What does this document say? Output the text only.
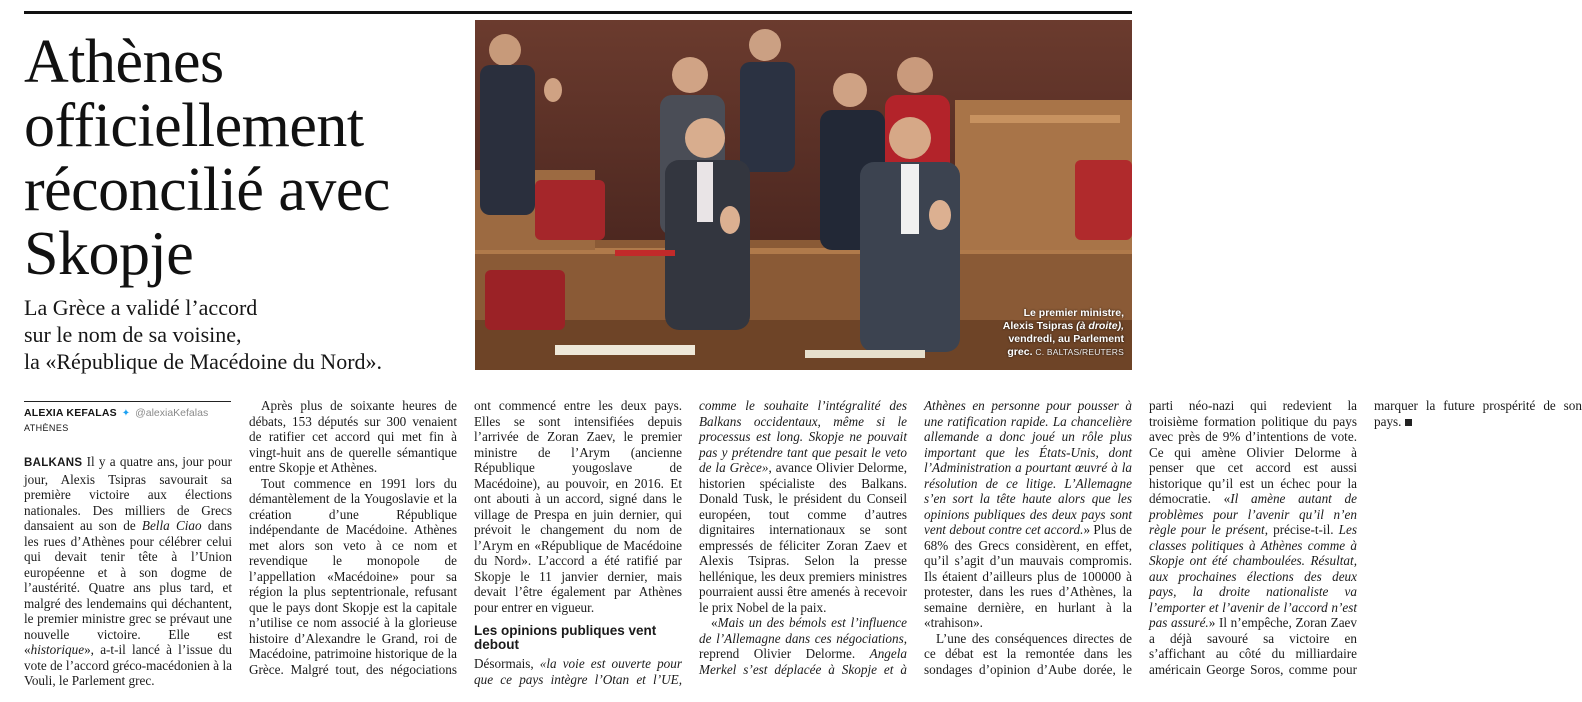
Athènes officiellement réconcilié avec Skopje
La Grèce a validé l’accord
sur le nom de sa voisine,
la «République de Macédoine du Nord».
Le premier ministre,
Alexis Tsipras (à droite),
vendredi, au Parlement
grec. C. BALTAS/REUTERS
ALEXIA KEFALAS ✦ @alexiaKefalas
ATHÈNES

BALKANS Il y a quatre ans, jour pour jour, Alexis Tsipras savourait sa première victoire aux élections nationales. Des milliers de Grecs dansaient au son de Bella Ciao dans les rues d’Athènes pour célébrer celui qui devait tenir tête à l’Union européenne et à son dogme de l’austérité. Quatre ans plus tard, et malgré des lendemains qui déchantent, le premier ministre grec se prévaut une nouvelle victoire. Elle est «historique», a-t-il lancé à l’issue du vote de l’accord gréco-macédonien à la Vouli, le Parlement grec.

Après plus de soixante heures de débats, 153 députés sur 300 venaient de ratifier cet accord qui met fin à vingt-huit ans de querelle sémantique entre Skopje et Athènes.

Tout commence en 1991 lors du démantèlement de la Yougoslavie et la création d’une République indépendante de Macédoine. Athènes met alors son veto à ce nom et revendique le monopole de l’appellation «Macédoine» pour sa région la plus septentrionale, refusant que le pays dont Skopje est la capitale n’utilise ce nom associé à la glorieuse histoire d’Alexandre le Grand, roi de Macédoine, patrimoine historique de la Grèce. Malgré tout, des négociations ont commencé entre les deux pays. Elles se sont intensifiées depuis l’arrivée de Zoran Zaev, le premier ministre de l’Arym (ancienne République yougoslave de Macédoine), au pouvoir, en 2016. Et ont abouti à un accord, signé dans le village de Prespa en juin dernier, qui prévoit le changement du nom de l’Arym en «République de Macédoine du Nord». L’accord a été ratifié par Skopje le 11 janvier dernier, mais devait l’être également par Athènes pour entrer en vigueur.

Les opinions publiques vent debout

Désormais, «la voie est ouverte pour que ce pays intègre l’Otan et l’UE, comme le souhaite l’intégralité des Balkans occidentaux, même si le processus est long. Skopje ne pouvait pas y prétendre tant que pesait le veto de la Grèce», avance Olivier Delorme, historien spécialiste des Balkans. Donald Tusk, le président du Conseil européen, tout comme d’autres dignitaires internationaux se sont empressés de féliciter Zoran Zaev et Alexis Tsipras. Selon la presse hellénique, les deux premiers ministres pourraient aussi être amenés à recevoir le prix Nobel de la paix.

«Mais un des bémols est l’influence de l’Allemagne dans ces négociations, reprend Olivier Delorme. Angela Merkel s’est déplacée à Skopje et à Athènes en personne pour pousser à une ratification rapide. La chancelière allemande a donc joué un rôle plus important que les États-Unis, dont l’Administration a pourtant œuvré à la résolution de ce litige. L’Allemagne s’en sort la tête haute alors que les opinions publiques des deux pays sont vent debout contre cet accord.» Plus de 68% des Grecs considèrent, en effet, qu’il s’agit d’un mauvais compromis. Ils étaient d’ailleurs plus de 100000 à protester, dans les rues d’Athènes, la semaine dernière, en hurlant à la «trahison».

L’une des conséquences directes de ce débat est la remontée dans les sondages d’opinion d’Aube dorée, le parti néo-nazi qui redevient la troisième formation politique du pays avec près de 9% d’intentions de vote. Ce qui amène Olivier Delorme à penser que cet accord est aussi historique qu’il est un échec pour la démocratie. «Il amène autant de problèmes pour l’avenir qu’il n’en règle pour le présent, précise-t-il. Les classes politiques à Athènes comme à Skopje ont été chamboulées. Résultat, aux prochaines élections des deux pays, la droite nationaliste va l’emporter et l’avenir de l’accord n’est pas assuré.» Il n’empêche, Zoran Zaev a déjà savouré sa victoire en s’affichant au côté du milliardaire américain George Soros, comme pour marquer la future prospérité de son pays.
